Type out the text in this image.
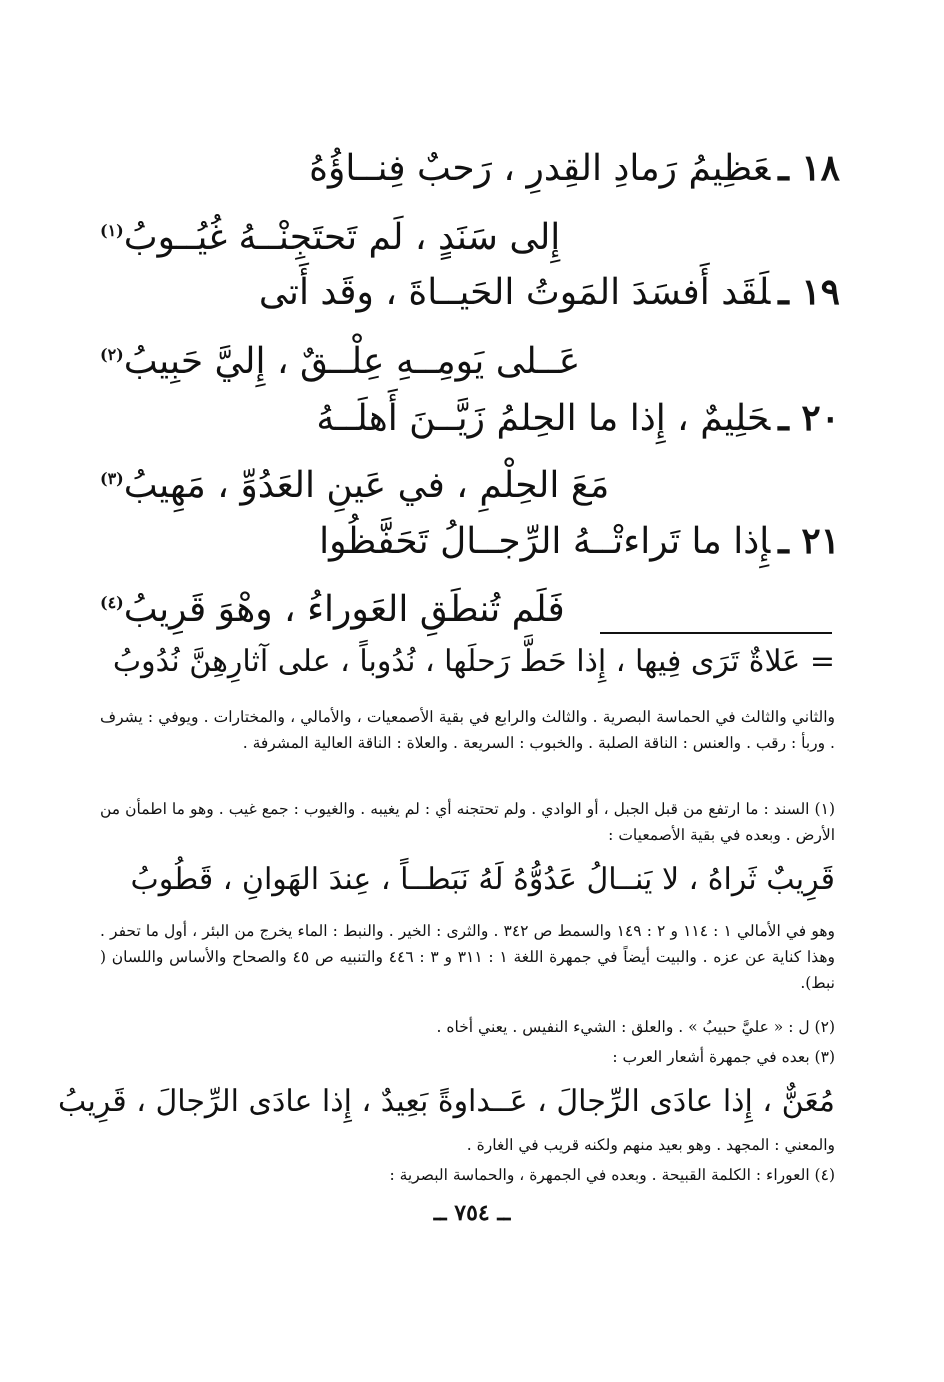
١٨ ـعَظِيمُ رَمادِ القِدرِ ، رَحبٌ فِنــاؤُهُ
إِلى سَنَدٍ ، لَم تَحتَجِنْــهُ غُيُــوبُ$^{(١)}$
١٩ ـلَقَد أَفسَدَ المَوتُ الحَيــاةَ ، وقَد أَتى
عَــلى يَومِــهِ عِلْــقٌ ، إِليَّ حَبِيبُ$^{(٢)}$
٢٠ ـحَلِيمٌ ، إِذا ما الحِلمُ زَيَّــنَ أَهلَــهُ
مَعَ الحِلْمِ ، في عَينِ العَدُوِّ ، مَهِيبُ$^{(٣)}$
٢١ ـإِذا ما تَراءتْــهُ الرِّجــالُ تَحَفَّظُوا
فَلَم تُنطَقِ العَوراءُ ، وهْوَ قَرِيبُ$^{(٤)}$
= عَلاةٌ تَرَى فِيها ، إِذا حَطَّ رَحلَها ، نُدُوباً ، على آثارِهِنَّ نُدُوبُ
والثاني والثالث في الحماسة البصرية . والثالث والرابع في بقية الأصمعيات ، والأمالي ، والمختارات . ويوفي : يشرف . وربأ : رقب . والعنس : الناقة الصلبة . والخبوب : السريعة . والعلاة : الناقة العالية المشرفة .
(١) السند : ما ارتفع من قبل الجبل ، أو الوادي . ولم تحتجنه أي : لم يغيبه . والغيوب : جمع غيب . وهو ما اطمأن من الأرض . وبعده في بقية الأصمعيات :
قَرِيبٌ ثَراهُ ، لا يَنــالُ عَدُوُّهُ لَهُ نَبَطــاً ، عِندَ الهَوانِ ، قَطُوبُ
وهو في الأمالي ١ : ١١٤ و ٢ : ١٤٩ والسمط ص ٣٤٢ . والثرى : الخير . والنبط : الماء يخرج من البئر ، أول ما تحفر . وهذا كناية عن عزه . والبيت أيضاً في جمهرة اللغة ١ : ٣١١ و ٣ : ٤٤٦ والتنبيه ص ٤٥ والصحاح والأساس واللسان ( نبط).
(٢) ل : « عليَّ حبيبُ » . والعلق : الشيء النفيس . يعني أخاه .
(٣) بعده في جمهرة أشعار العرب :
مُعَنٌّ ، إِذا عادَى الرِّجالَ ، عَــداوةً بَعِيدٌ ، إِذا عادَى الرِّجالَ ، قَرِيبُ
والمعني : المجهد . وهو بعيد منهم ولكنه قريب في الغارة .
(٤) العوراء : الكلمة القبيحة . وبعده في الجمهرة ، والحماسة البصرية :
ــ ٧٥٤ ــ
